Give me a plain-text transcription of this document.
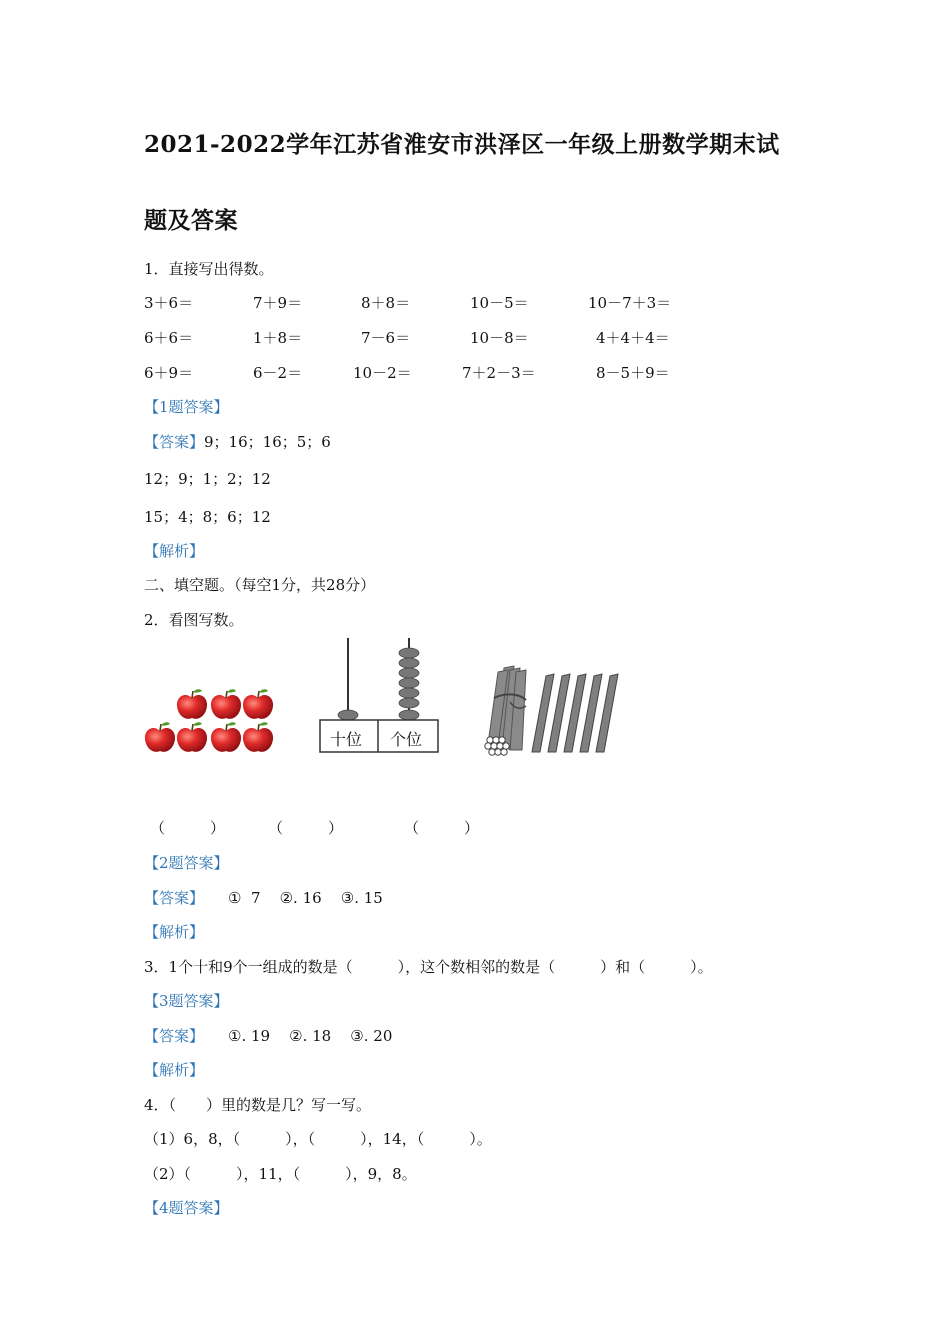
2021-2022学年江苏省淮安市洪泽区一年级上册数学期末试
题及答案
1．直接写出得数。
3＋6＝	7＋9＝	8＋8＝	10－5＝	10－7＋3＝
6＋6＝	1＋8＝	7－6＝	10－8＝	4＋4＋4＝
6＋9＝	6－2＝	10－2＝	7＋2－3＝	8－5＋9＝
【1题答案】
【答案】9；16；16；5；6
12；9；1；2；12
15；4；8；6；12
【解析】
二、填空题。（每空1分，共28分）
2．看图写数。
十位 个位
（　　　）	（　　　）	（　　　）
【2题答案】
【答案】 ①  7    ②. 16    ③. 15
【解析】
3．1个十和9个一组成的数是（　　　），这个数相邻的数是（　　　）和（　　　）。
【3题答案】
【答案】 ①. 19    ②. 18    ③. 20
【解析】
4．（　　）里的数是几？写一写。
（1）6，8，（　　　），（　　　），14，（　　　）。
（2）（　　　），11，（　　　），9，8。
【4题答案】
